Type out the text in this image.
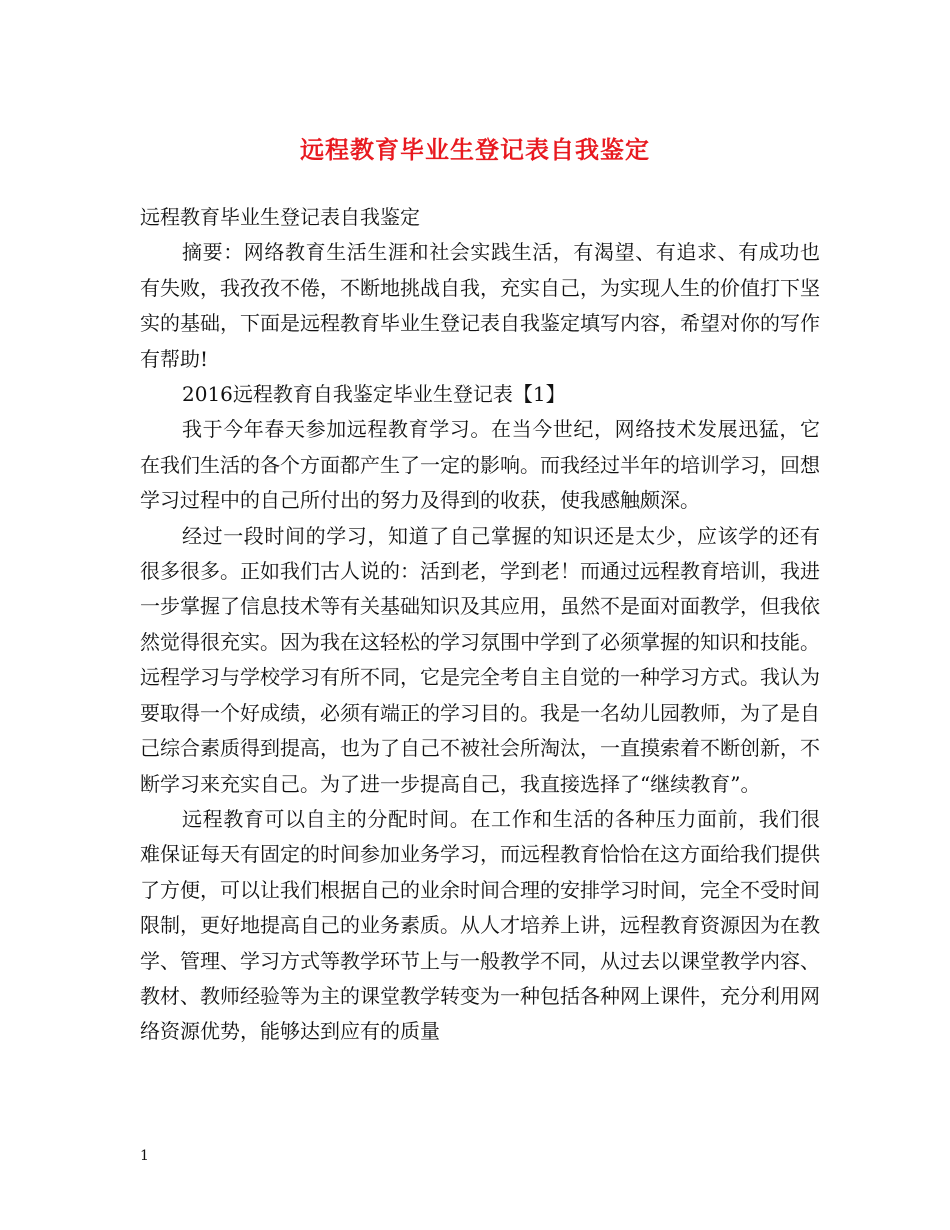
远程教育毕业生登记表自我鉴定

远程教育毕业生登记表自我鉴定

摘要：网络教育生活生涯和社会实践生活，有渴望、有追求、有成功也有失败，我孜孜不倦，不断地挑战自我，充实自己，为实现人生的价值打下坚实的基础，下面是远程教育毕业生登记表自我鉴定填写内容，希望对你的写作有帮助!

2016远程教育自我鉴定毕业生登记表【1】

我于今年春天参加远程教育学习。在当今世纪，网络技术发展迅猛，它在我们生活的各个方面都产生了一定的影响。而我经过半年的培训学习，回想学习过程中的自己所付出的努力及得到的收获，使我感触颇深。

经过一段时间的学习，知道了自己掌握的知识还是太少，应该学的还有很多很多。正如我们古人说的：活到老，学到老！而通过远程教育培训，我进一步掌握了信息技术等有关基础知识及其应用，虽然不是面对面教学，但我依然觉得很充实。因为我在这轻松的学习氛围中学到了必须掌握的知识和技能。远程学习与学校学习有所不同，它是完全考自主自觉的一种学习方式。我认为要取得一个好成绩，必须有端正的学习目的。我是一名幼儿园教师，为了是自己综合素质得到提高，也为了自己不被社会所淘汰，一直摸索着不断创新，不断学习来充实自己。为了进一步提高自己，我直接选择了“继续教育”。

远程教育可以自主的分配时间。在工作和生活的各种压力面前，我们很难保证每天有固定的时间参加业务学习，而远程教育恰恰在这方面给我们提供了方便，可以让我们根据自己的业余时间合理的安排学习时间，完全不受时间限制，更好地提高自己的业务素质。从人才培养上讲，远程教育资源因为在教学、管理、学习方式等教学环节上与一般教学不同，从过去以课堂教学内容、教材、教师经验等为主的课堂教学转变为一种包括各种网上课件，充分利用网络资源优势，能够达到应有的质量

1
